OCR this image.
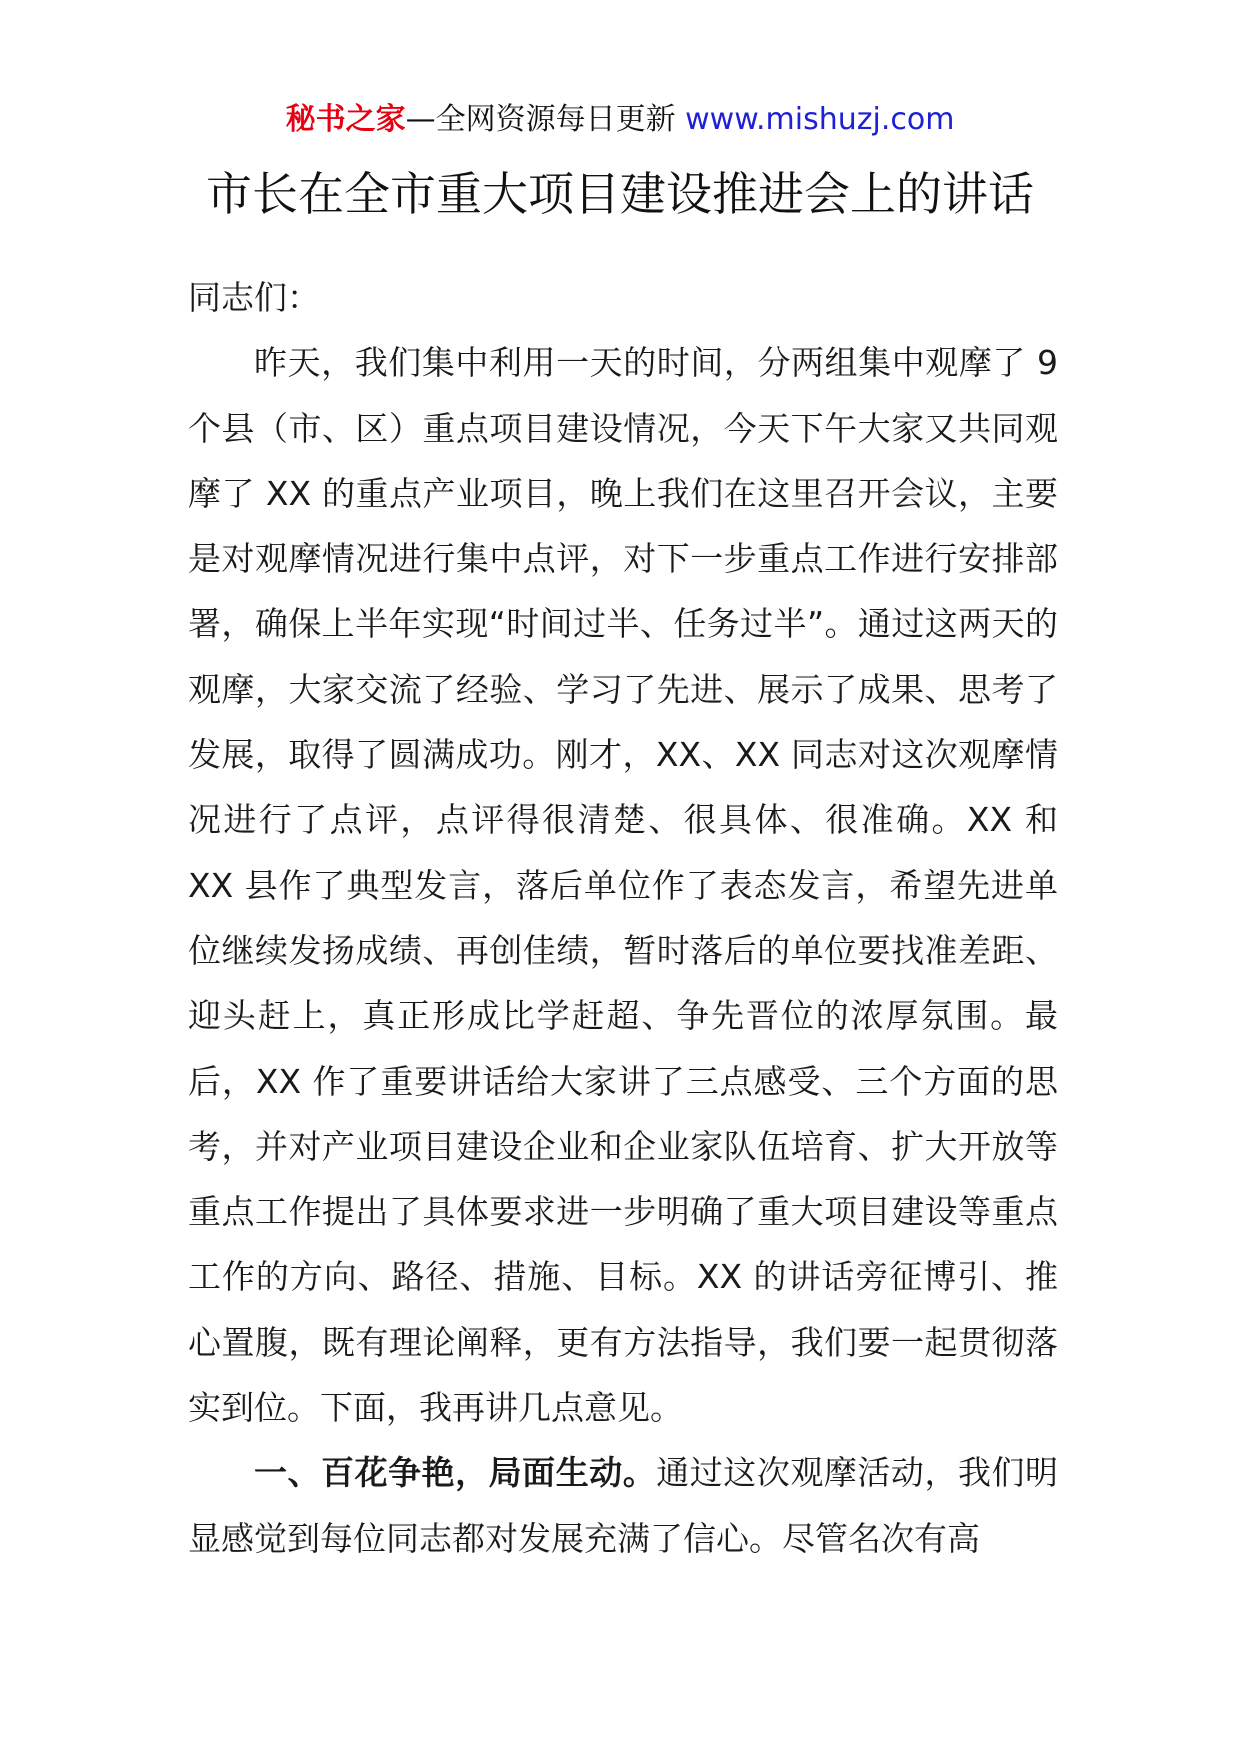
秘书之家—全网资源每日更新 www.mishuzj.com
市长在全市重大项目建设推进会上的讲话

同志们：

昨天，我们集中利用一天的时间，分两组集中观摩了 9 个县（市、区）重点项目建设情况，今天下午大家又共同观摩了 XX 的重点产业项目，晚上我们在这里召开会议，主要是对观摩情况进行集中点评，对下一步重点工作进行安排部署，确保上半年实现“时间过半、任务过半”。通过这两天的观摩，大家交流了经验、学习了先进、展示了成果、思考了发展，取得了圆满成功。刚才，XX、XX 同志对这次观摩情况进行了点评，点评得很清楚、很具体、很准确。XX 和 XX 县作了典型发言，落后单位作了表态发言，希望先进单位继续发扬成绩、再创佳绩，暂时落后的单位要找准差距、迎头赶上，真正形成比学赶超、争先晋位的浓厚氛围。最后，XX 作了重要讲话给大家讲了三点感受、三个方面的思考，并对产业项目建设企业和企业家队伍培育、扩大开放等重点工作提出了具体要求进一步明确了重大项目建设等重点工作的方向、路径、措施、目标。XX 的讲话旁征博引、推心置腹，既有理论阐释，更有方法指导，我们要一起贯彻落实到位。下面，我再讲几点意见。

一、百花争艳，局面生动。通过这次观摩活动，我们明显感觉到每位同志都对发展充满了信心。尽管名次有高
